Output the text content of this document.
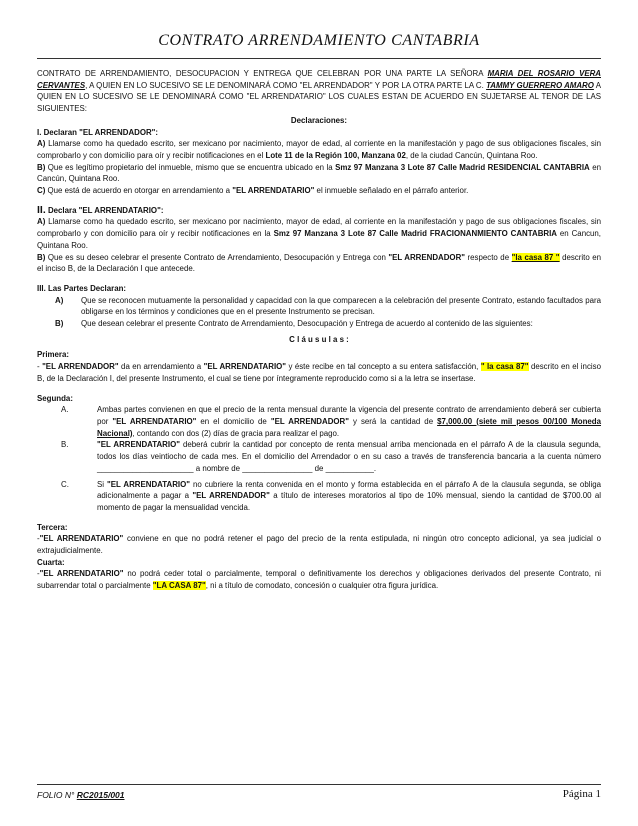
CONTRATO ARRENDAMIENTO CANTABRIA

CONTRATO DE ARRENDAMIENTO, DESOCUPACION Y ENTREGA QUE CELEBRAN POR UNA PARTE LA SEÑORA MARIA DEL ROSARIO VERA CERVANTES, A QUIEN EN LO SUCESIVO SE LE DENOMINARÁ COMO "EL ARRENDADOR" Y POR LA OTRA PARTE LA C. TAMMY GUERRERO AMARO A QUIEN EN LO SUCESIVO SE LE DENOMINARÁ COMO "EL ARRENDATARIO" LOS CUALES ESTAN DE ACUERDO EN SUJETARSE AL TENOR DE LAS SIGUIENTES:

Declaraciones:

I. Declaran "EL ARRENDADOR":

A) Llamarse como ha quedado escrito, ser mexicano por nacimiento, mayor de edad, al corriente en la manifestación y pago de sus obligaciones fiscales, sin comprobarlo y con domicilio para oír y recibir notificaciones en el Lote 11 de la Región 100, Manzana 02, de la ciudad Cancún, Quintana Roo.

B) Que es legítimo propietario del inmueble, mismo que se encuentra ubicado en la Smz 97 Manzana 3 Lote 87 Calle Madrid RESIDENCIAL CANTABRIA en Cancún, Quintana Roo.

C) Que está de acuerdo en otorgar en arrendamiento a "EL ARRENDATARIO" el inmueble señalado en el párrafo anterior.

II. Declara "EL ARRENDATARIO":

A) Llamarse como ha quedado escrito, ser mexicano por nacimiento, mayor de edad, al corriente en la manifestación y pago de sus obligaciones fiscales, sin comprobarlo y con domicilio para oír y recibir notificaciones en la Smz 97 Manzana 3 Lote 87 Calle Madrid FRACIONANMIENTO CANTABRIA en Cancun, Quintana Roo.

B) Que es su deseo celebrar el presente Contrato de Arrendamiento, Desocupación y Entrega con "EL ARRENDADOR" respecto de "la casa 87 " descrito en el inciso B, de la Declaración I que antecede.

III. Las Partes Declaran:

A)	Que se reconocen mutuamente la personalidad y capacidad con la que comparecen a la celebración del presente Contrato, estando facultados para obligarse en los términos y condiciones que en el presente Instrumento se precisan.
B)	Que desean celebrar el presente Contrato de Arrendamiento, Desocupación y Entrega de acuerdo al contenido de las siguientes:

C l á u s u l a s :

Primera:

- "EL ARRENDADOR" da en arrendamiento a "EL ARRENDATARIO" y éste recibe en tal concepto a su entera satisfacción, " la casa 87" descrito en el inciso B, de la Declaración I, del presente Instrumento, el cual se tiene por íntegramente reproducido como si a la letra se insertase.

Segunda:

A.	Ambas partes convienen en que el precio de la renta mensual durante la vigencia del presente contrato de arrendamiento deberá ser cubierta por "EL ARRENDATARIO" en el domicilio de "EL ARRENDADOR" y será la cantidad de $7,000.00 (siete mil pesos 00/100 Moneda Nacional), contando con dos (2) días de gracia para realizar el pago.
B.	"EL ARRENDATARIO" deberá cubrir la cantidad por concepto de renta mensual arriba mencionada en el párrafo A de la clausula segunda, todos los días veintiocho de cada mes. En el domicilio del Arrendador o en su caso a través de transferencia bancaria a la cuenta número ______________________ a nombre de ________________ de ___________.
C.	Si "EL ARRENDATARIO" no cubriere la renta convenida en el monto y forma establecida en el párrafo A de la clausula segunda, se obliga adicionalmente a pagar a "EL ARRENDADOR" a título de intereses moratorios al tipo de 10% mensual, siendo la cantidad de $700.00 al momento de pagar la mensualidad vencida.

Tercera:

-"EL ARRENDATARIO" conviene en que no podrá retener el pago del precio de la renta estipulada, ni ningún otro concepto adicional, ya sea judicial o extrajudicialmente.

Cuarta:

-"EL ARRENDATARIO" no podrá ceder total o parcialmente, temporal o definitivamente los derechos y obligaciones derivados del presente Contrato, ni subarrendar total o parcialmente "LA CASA 87", ni a título de comodato, concesión o cualquier otra figura jurídica.

FOLIO N° RC2015/001	Página 1
